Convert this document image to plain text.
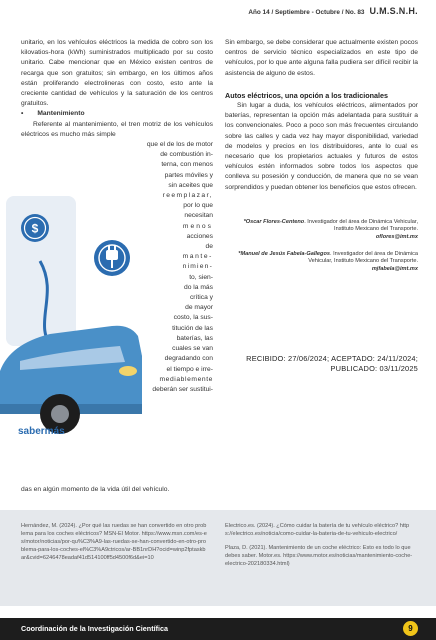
Año 14 / Septiembre - Octubre / No. 83 U.M.S.N.H.

unitario, en los vehículos eléctricos la medida de cobro son los kilovatios-hora (kWh) suministrados multiplicado por su costo unitario. Cabe mencionar que en México existen centros de recarga que son gratuitos; sin embargo, en los últimos años están proliferando electrolineras con costo, esto ante la creciente cantidad de vehículos y la saturación de los centros gratuitos.

• Mantenimiento

Referente al mantenimiento, el tren motriz de los vehículos eléctricos es mucho más simple

$
sabermás

que el de los de motor

de combustión in-

terna, con menos

partes móviles y

sin aceites que

reemplazar,

por lo que

necesitan

menos

acciones

de

mante-

nimien-

to, sien-

do la más

crítica y

de mayor

costo, la sus-

titución de las

baterías, las

cuales se van

degradando con

el tiempo e irre-

mediablemente

deberán ser sustitui-

das en algún momento de la vida útil del vehículo.

Sin embargo, se debe considerar que actualmente existen pocos centros de servicio técnico especializados en este tipo de vehículos, por lo que ante alguna falla pudiera ser difícil recibir la asistencia de alguno de estos.

Autos eléctricos, una opción a los tradicionales

Sin lugar a duda, los vehículos eléctricos, alimentados por baterías, representan la opción más adelantada para sustituir a los convencionales. Poco a poco son más frecuentes circulando sobre las calles y cada vez hay mayor disponibilidad, variedad de modelos y precios en los distribuidores, ante lo cual es necesario que los propietarios actuales y futuros de estos vehículos estén informados sobre todos los aspectos que conlleva su posesión y conducción, de manera que no se vean sorprendidos y puedan obtener los beneficios que estos ofrecen.

*Oscar Flores-Centeno. Investigador del área de Dinámica Vehicular, Instituto Mexicano del Transporte.
oflores@imt.mx

*Manuel de Jesús Fabela-Gallegos. Investigador del área de Dinámica Vehicular, Instituto Mexicano del Transporte.
mjfabela@imt.mx

RECIBIDO: 27/06/2024; ACEPTADO: 24/11/2024; PUBLICADO: 03/11/2025

Hernández, M. (2024). ¿Por qué las ruedas se han convertido en otro problema para los coches eléctricos? MSN-El Motor. https://www.msn.com/es-es/motor/noticias/por-qu%C3%A9-las-ruedas-se-han-convertido-en-otro-problema-para-los-coches-el%C3%A9ctricos/ar-BB1nrDH?ocid=winp2fptaskbar&cvid=6246478eadaf41d514100ff5d4500f6d&ei=10

Electrico.es. (2024). ¿Cómo cuidar la batería de tu vehículo eléctrico? https://electrico.es/noticia/como-cuidar-la-bateria-de-tu-vehiculo-electrico/

Plaza, D. (2021). Mantenimiento de un coche eléctrico: Esto es todo lo que debes saber. Motor.es. https://www.motor.es/noticias/mantenimiento-coche-electrico-202180334.html)

Coordinación de la Investigación Científica	9
